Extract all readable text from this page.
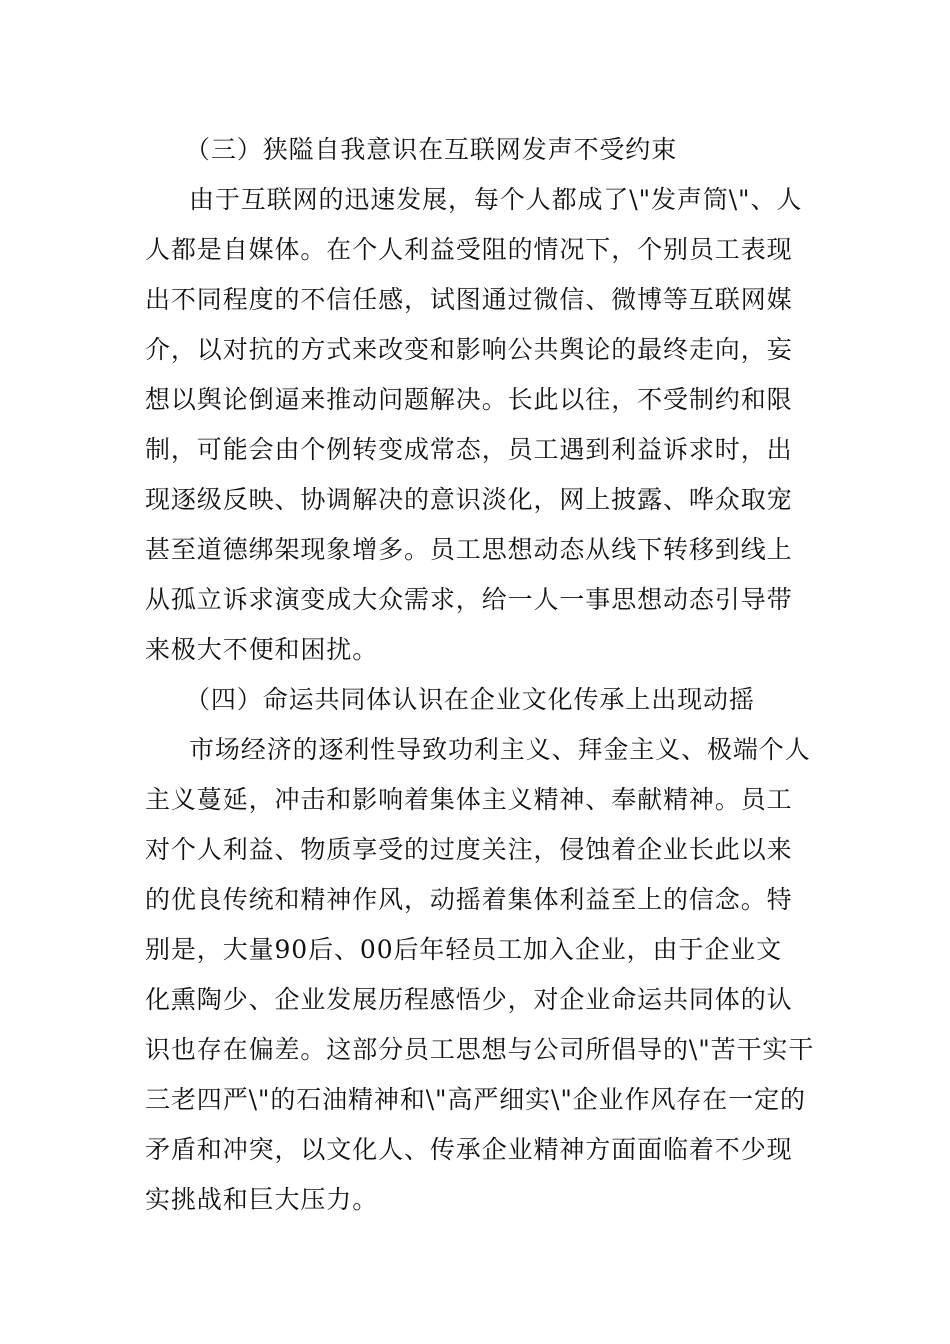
（三）狭隘自我意识在互联网发声不受约束
由于互联网的迅速发展，每个人都成了\"发声筒\"、人
人都是自媒体。在个人利益受阻的情况下，个别员工表现
出不同程度的不信任感，试图通过微信、微博等互联网媒
介，以对抗的方式来改变和影响公共舆论的最终走向，妄
想以舆论倒逼来推动问题解决。长此以往，不受制约和限
制，可能会由个例转变成常态，员工遇到利益诉求时，出
现逐级反映、协调解决的意识淡化，网上披露、哗众取宠
甚至道德绑架现象增多。员工思想动态从线下转移到线上
从孤立诉求演变成大众需求，给一人一事思想动态引导带
来极大不便和困扰。
（四）命运共同体认识在企业文化传承上出现动摇
市场经济的逐利性导致功利主义、拜金主义、极端个人
主义蔓延，冲击和影响着集体主义精神、奉献精神。员工
对个人利益、物质享受的过度关注，侵蚀着企业长此以来
的优良传统和精神作风，动摇着集体利益至上的信念。特
别是，大量90后、00后年轻员工加入企业，由于企业文
化熏陶少、企业发展历程感悟少，对企业命运共同体的认
识也存在偏差。这部分员工思想与公司所倡导的\"苦干实干
三老四严\"的石油精神和\"高严细实\"企业作风存在一定的
矛盾和冲突，以文化人、传承企业精神方面面临着不少现
实挑战和巨大压力。
